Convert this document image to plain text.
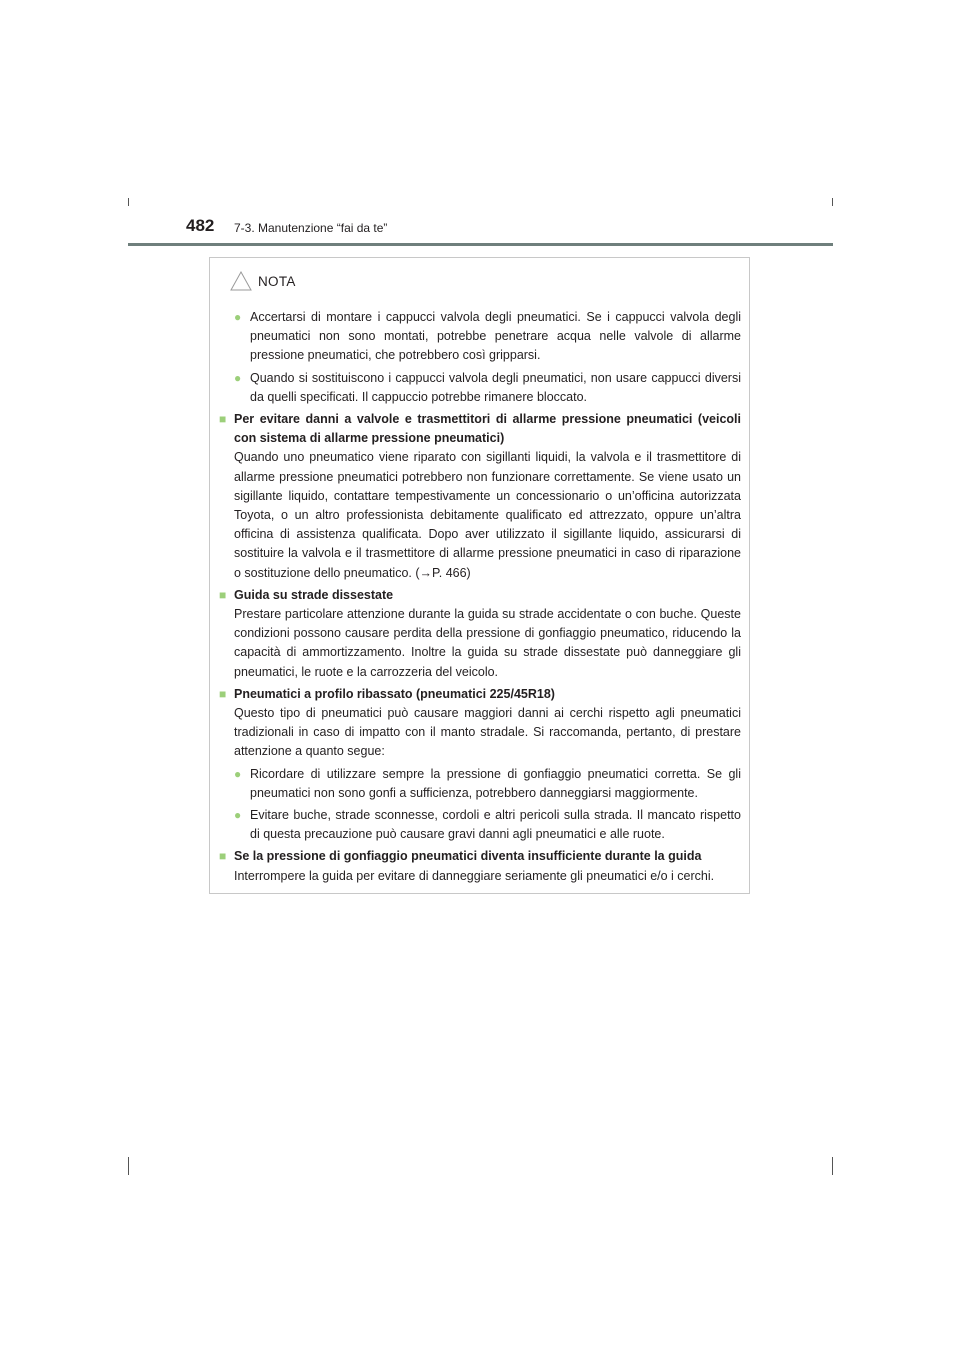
482 7-3. Manutenzione “fai da te”
NOTA
● Accertarsi di montare i cappucci valvola degli pneumatici. Se i cappucci valvola degli pneumatici non sono montati, potrebbe penetrare acqua nelle valvole di allarme pressione pneumatici, che potrebbero così gripparsi.
● Quando si sostituiscono i cappucci valvola degli pneumatici, non usare cappucci diversi da quelli specificati. Il cappuccio potrebbe rimanere bloccato.
■ Per evitare danni a valvole e trasmettitori di allarme pressione pneumatici (veicoli con sistema di allarme pressione pneumatici)
Quando uno pneumatico viene riparato con sigillanti liquidi, la valvola e il trasmettitore di allarme pressione pneumatici potrebbero non funzionare correttamente. Se viene usato un sigillante liquido, contattare tempestivamente un concessionario o un’officina autorizzata Toyota, o un altro professionista debitamente qualificato ed attrezzato, oppure un’altra officina di assistenza qualificata. Dopo aver utilizzato il sigillante liquido, assicurarsi di sostituire la valvola e il trasmettitore di allarme pressione pneumatici in caso di riparazione o sostituzione dello pneumatico. (→P. 466)
■ Guida su strade dissestate
Prestare particolare attenzione durante la guida su strade accidentate o con buche. Queste condizioni possono causare perdita della pressione di gonfiaggio pneumatico, riducendo la capacità di ammortizzamento. Inoltre la guida su strade dissestate può danneggiare gli pneumatici, le ruote e la carrozzeria del veicolo.
■ Pneumatici a profilo ribassato (pneumatici 225/45R18)
Questo tipo di pneumatici può causare maggiori danni ai cerchi rispetto agli pneumatici tradizionali in caso di impatto con il manto stradale. Si raccomanda, pertanto, di prestare attenzione a quanto segue:
● Ricordare di utilizzare sempre la pressione di gonfiaggio pneumatici corretta. Se gli pneumatici non sono gonfi a sufficienza, potrebbero danneggiarsi maggiormente.
● Evitare buche, strade sconnesse, cordoli e altri pericoli sulla strada. Il mancato rispetto di questa precauzione può causare gravi danni agli pneumatici e alle ruote.
■ Se la pressione di gonfiaggio pneumatici diventa insufficiente durante la guida
Interrompere la guida per evitare di danneggiare seriamente gli pneumatici e/o i cerchi.
